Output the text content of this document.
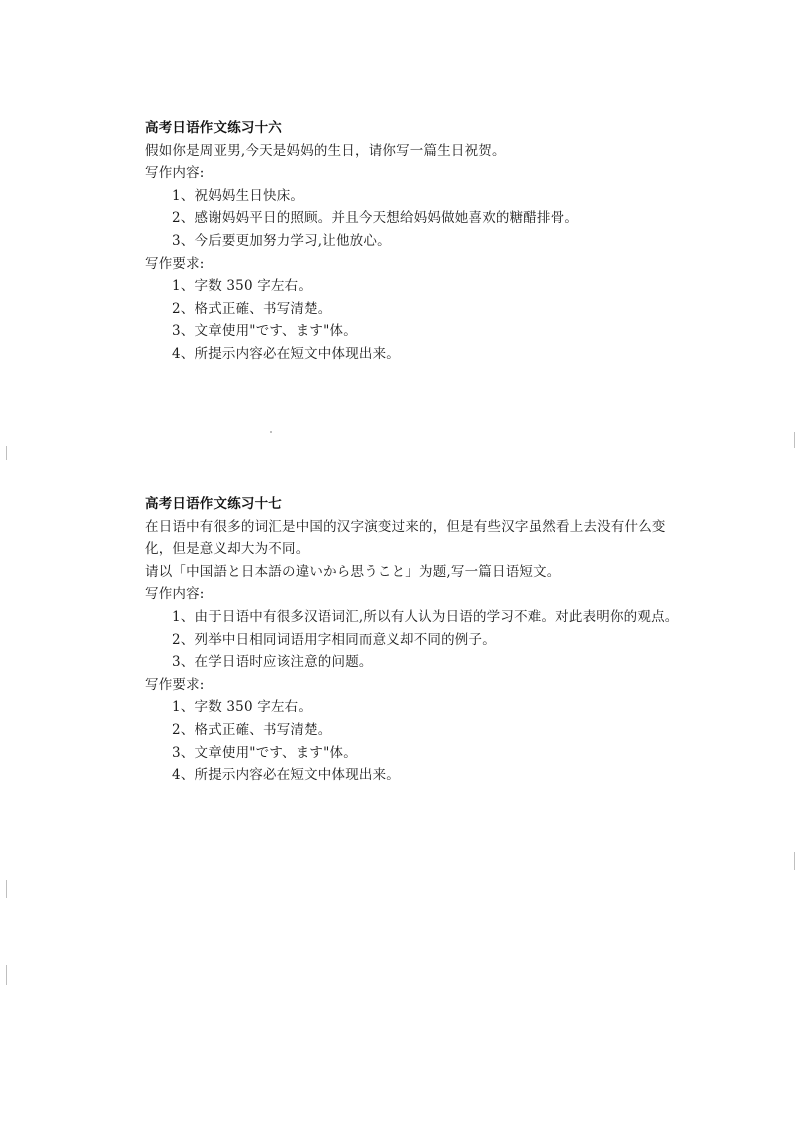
高考日语作文练习十六
假如你是周亚男,今天是妈妈的生日，请你写一篇生日祝贺。
写作内容:
1、祝妈妈生日快床。
2、感谢妈妈平日的照顾。并且今天想给妈妈做她喜欢的糖醋排骨。
3、今后要更加努力学习,让他放心。
写作要求:
1、字数 350 字左右。
2、格式正確、书写清楚。
3、文章使用"です、ます"体。
4、所提示内容必在短文中体现出来。
高考日语作文练习十七
在日语中有很多的词汇是中国的汉字演变过来的，但是有些汉字虽然看上去没有什么变
化，但是意义却大为不同。
请以「中国語と日本語の違いから思うこと」为题,写一篇日语短文。
写作内容:
1、由于日语中有很多汉语词汇,所以有人认为日语的学习不难。对此表明你的观点。
2、列举中日相同词语用字相同而意义却不同的例子。
3、在学日语时应该注意的问题。
写作要求:
1、字数 350 字左右。
2、格式正確、书写清楚。
3、文章使用"です、ます"体。
4、所提示内容必在短文中体现出来。
